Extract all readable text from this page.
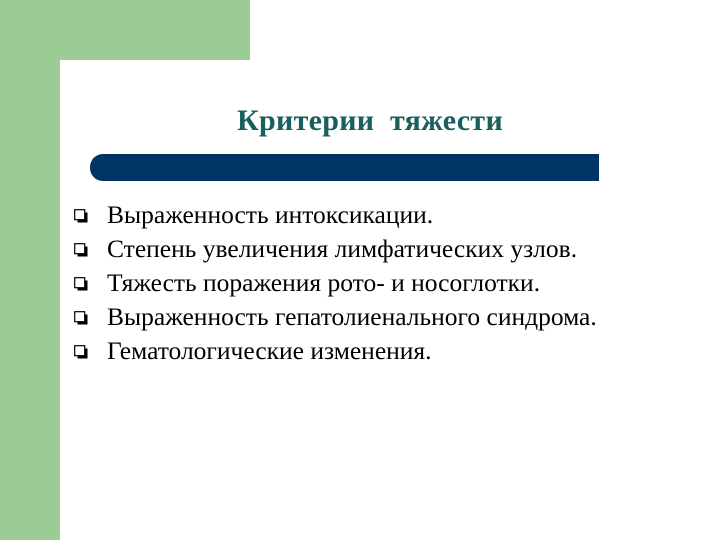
Критерии  тяжести
Выраженность интоксикации.
Степень увеличения лимфатических узлов.
Тяжесть поражения рото- и носоглотки.
Выраженность гепатолиенального синдрома.
Гематологические изменения.
